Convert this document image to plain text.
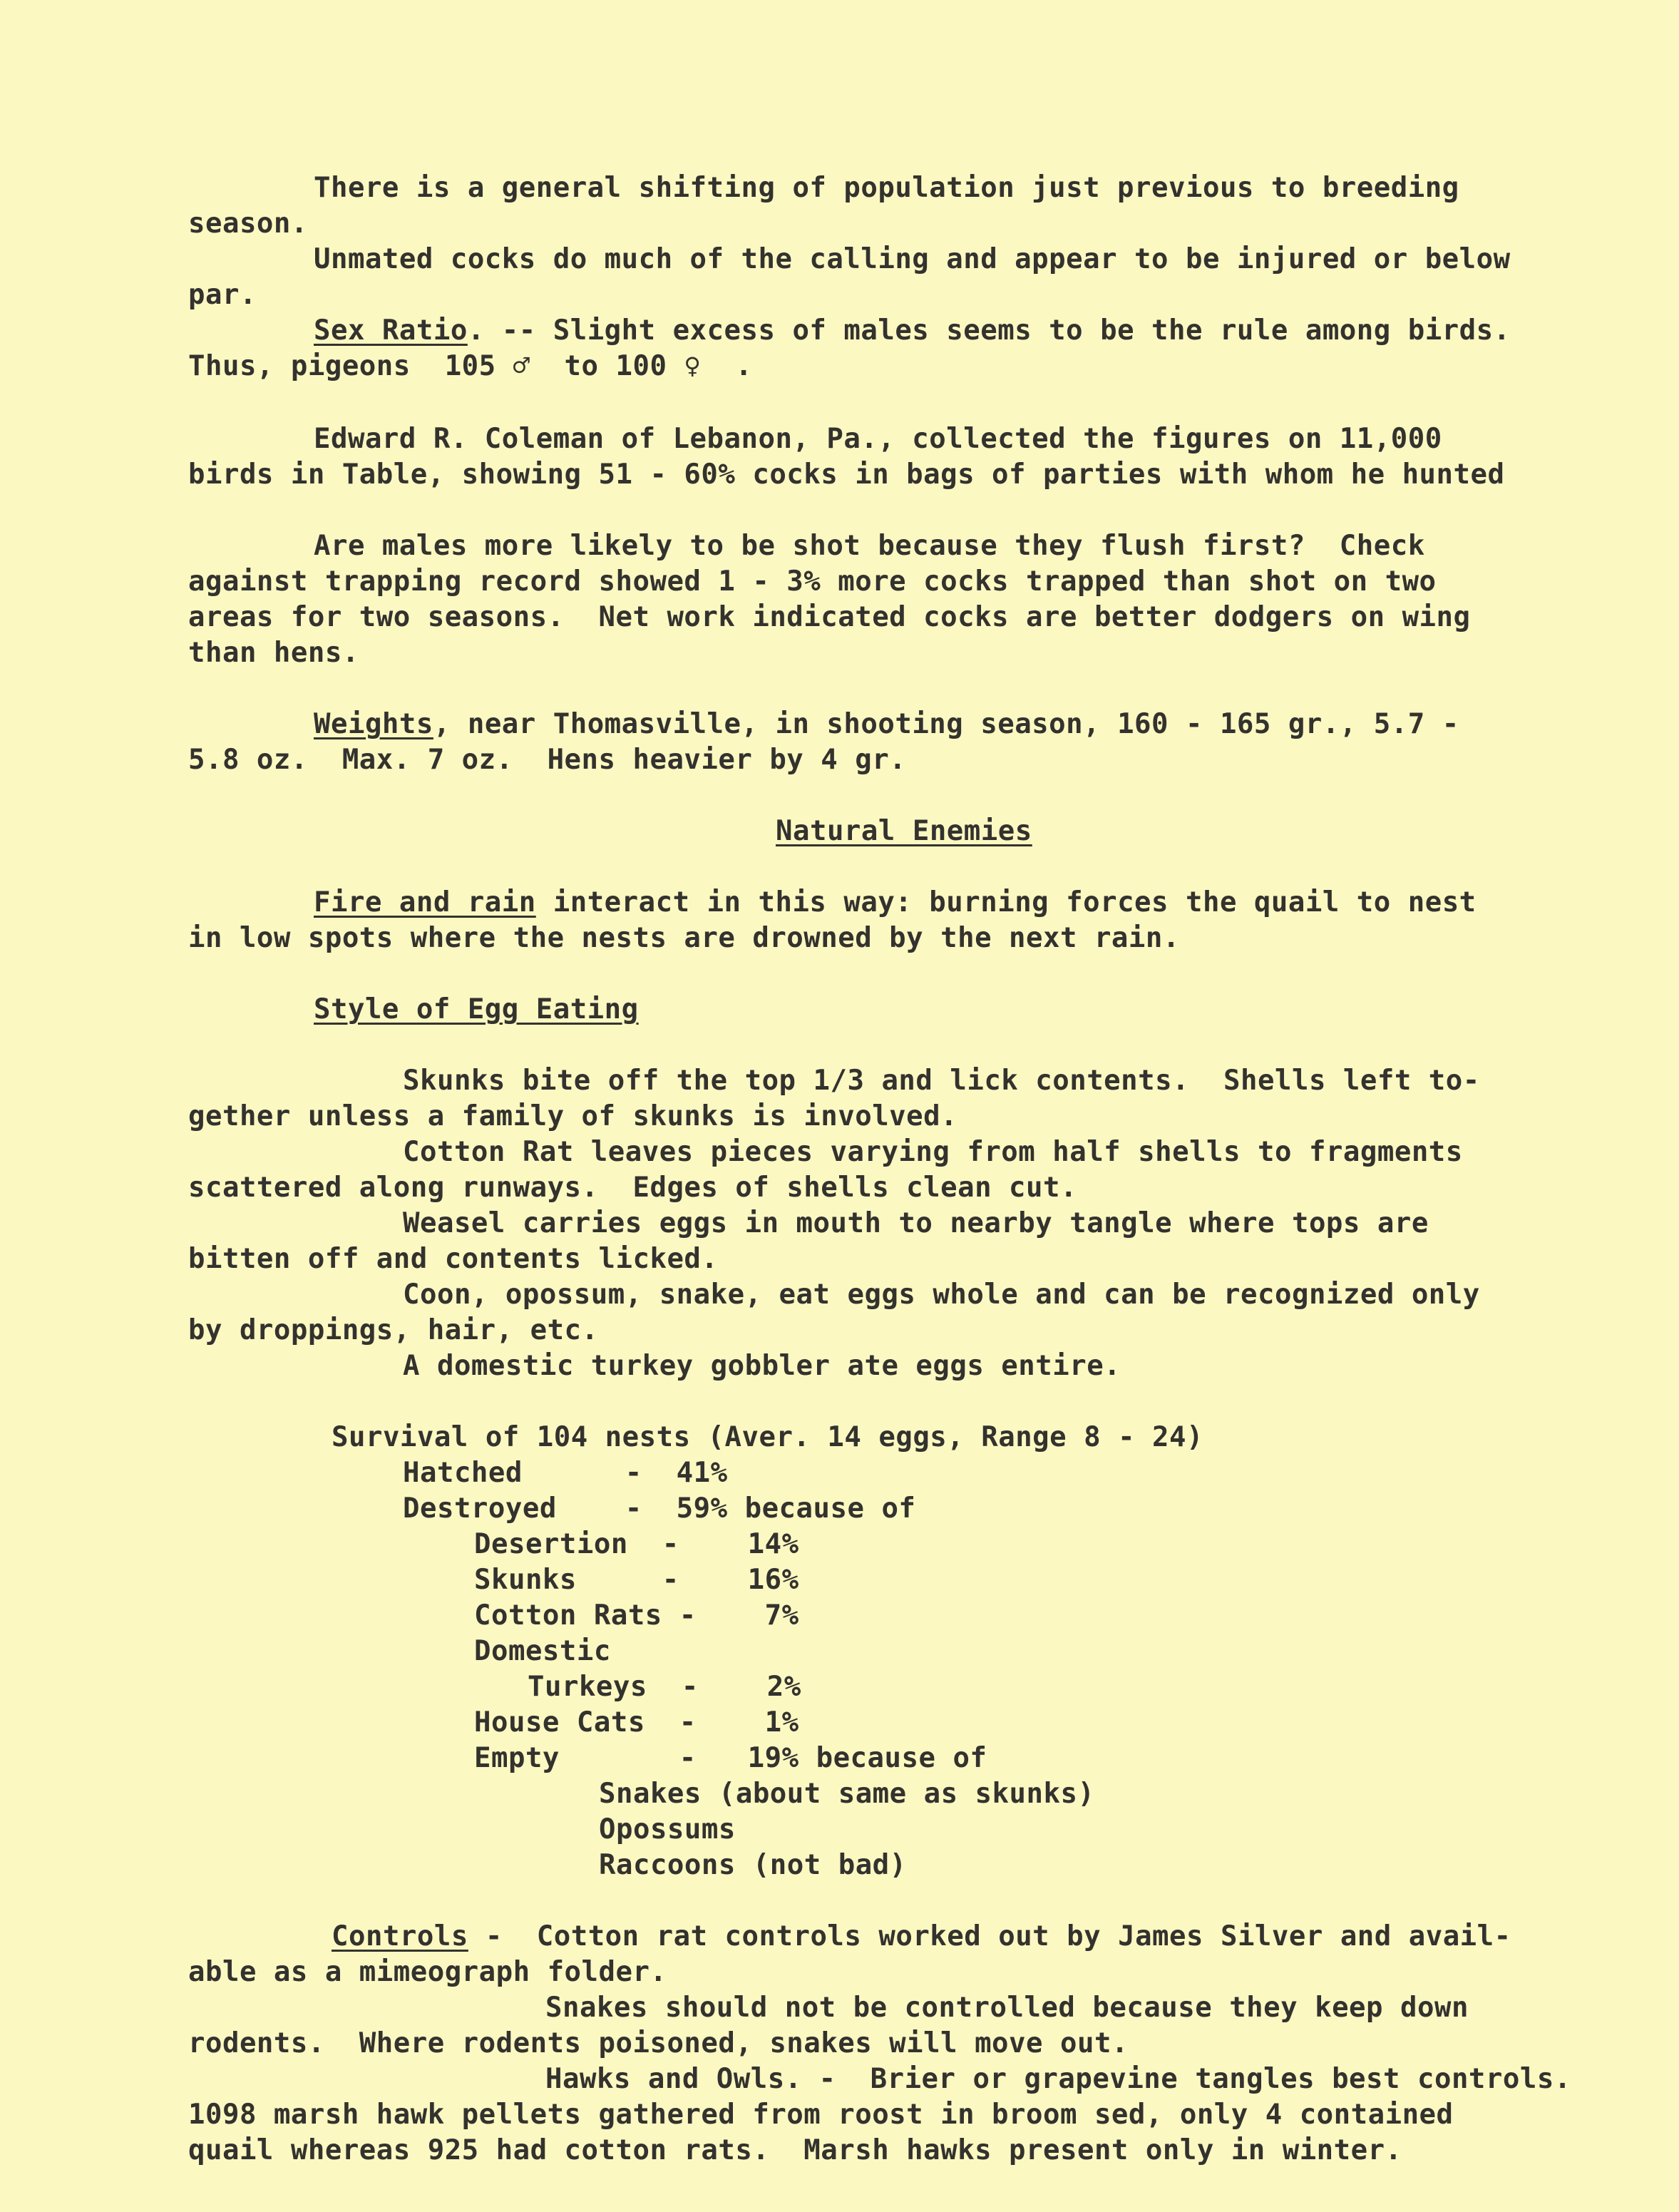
There is a general shifting of population just previous to breeding
season.
Unmated cocks do much of the calling and appear to be injured or below
par.
Sex Ratio. -- Slight excess of males seems to be the rule among birds.
Thus, pigeons  105 ♂  to 100 ♀  .
Edward R. Coleman of Lebanon, Pa., collected the figures on 11,000
birds in Table, showing 51 - 60% cocks in bags of parties with whom he hunted
Are males more likely to be shot because they flush first?  Check
against trapping record showed 1 - 3% more cocks trapped than shot on two
areas for two seasons.  Net work indicated cocks are better dodgers on wing
than hens.
Weights, near Thomasville, in shooting season, 160 - 165 gr., 5.7 -
5.8 oz.  Max. 7 oz.  Hens heavier by 4 gr.
Natural Enemies
Fire and rain interact in this way: burning forces the quail to nest
in low spots where the nests are drowned by the next rain.
Style of Egg Eating
Skunks bite off the top 1/3 and lick contents.  Shells left to-
gether unless a family of skunks is involved.
Cotton Rat leaves pieces varying from half shells to fragments
scattered along runways.  Edges of shells clean cut.
Weasel carries eggs in mouth to nearby tangle where tops are
bitten off and contents licked.
Coon, opossum, snake, eat eggs whole and can be recognized only
by droppings, hair, etc.
A domestic turkey gobbler ate eggs entire.
Survival of 104 nests (Aver. 14 eggs, Range 8 - 24)
Hatched      -  41%
Destroyed    -  59% because of
Desertion  -    14%
Skunks     -    16%
Cotton Rats -    7%
Domestic
Turkeys  -    2%
House Cats  -    1%
Empty       -   19% because of
Snakes (about same as skunks)
Opossums
Raccoons (not bad)
Controls -  Cotton rat controls worked out by James Silver and avail-
able as a mimeograph folder.
Snakes should not be controlled because they keep down
rodents.  Where rodents poisoned, snakes will move out.
Hawks and Owls. -  Brier or grapevine tangles best controls.
1098 marsh hawk pellets gathered from roost in broom sed, only 4 contained
quail whereas 925 had cotton rats.  Marsh hawks present only in winter.
